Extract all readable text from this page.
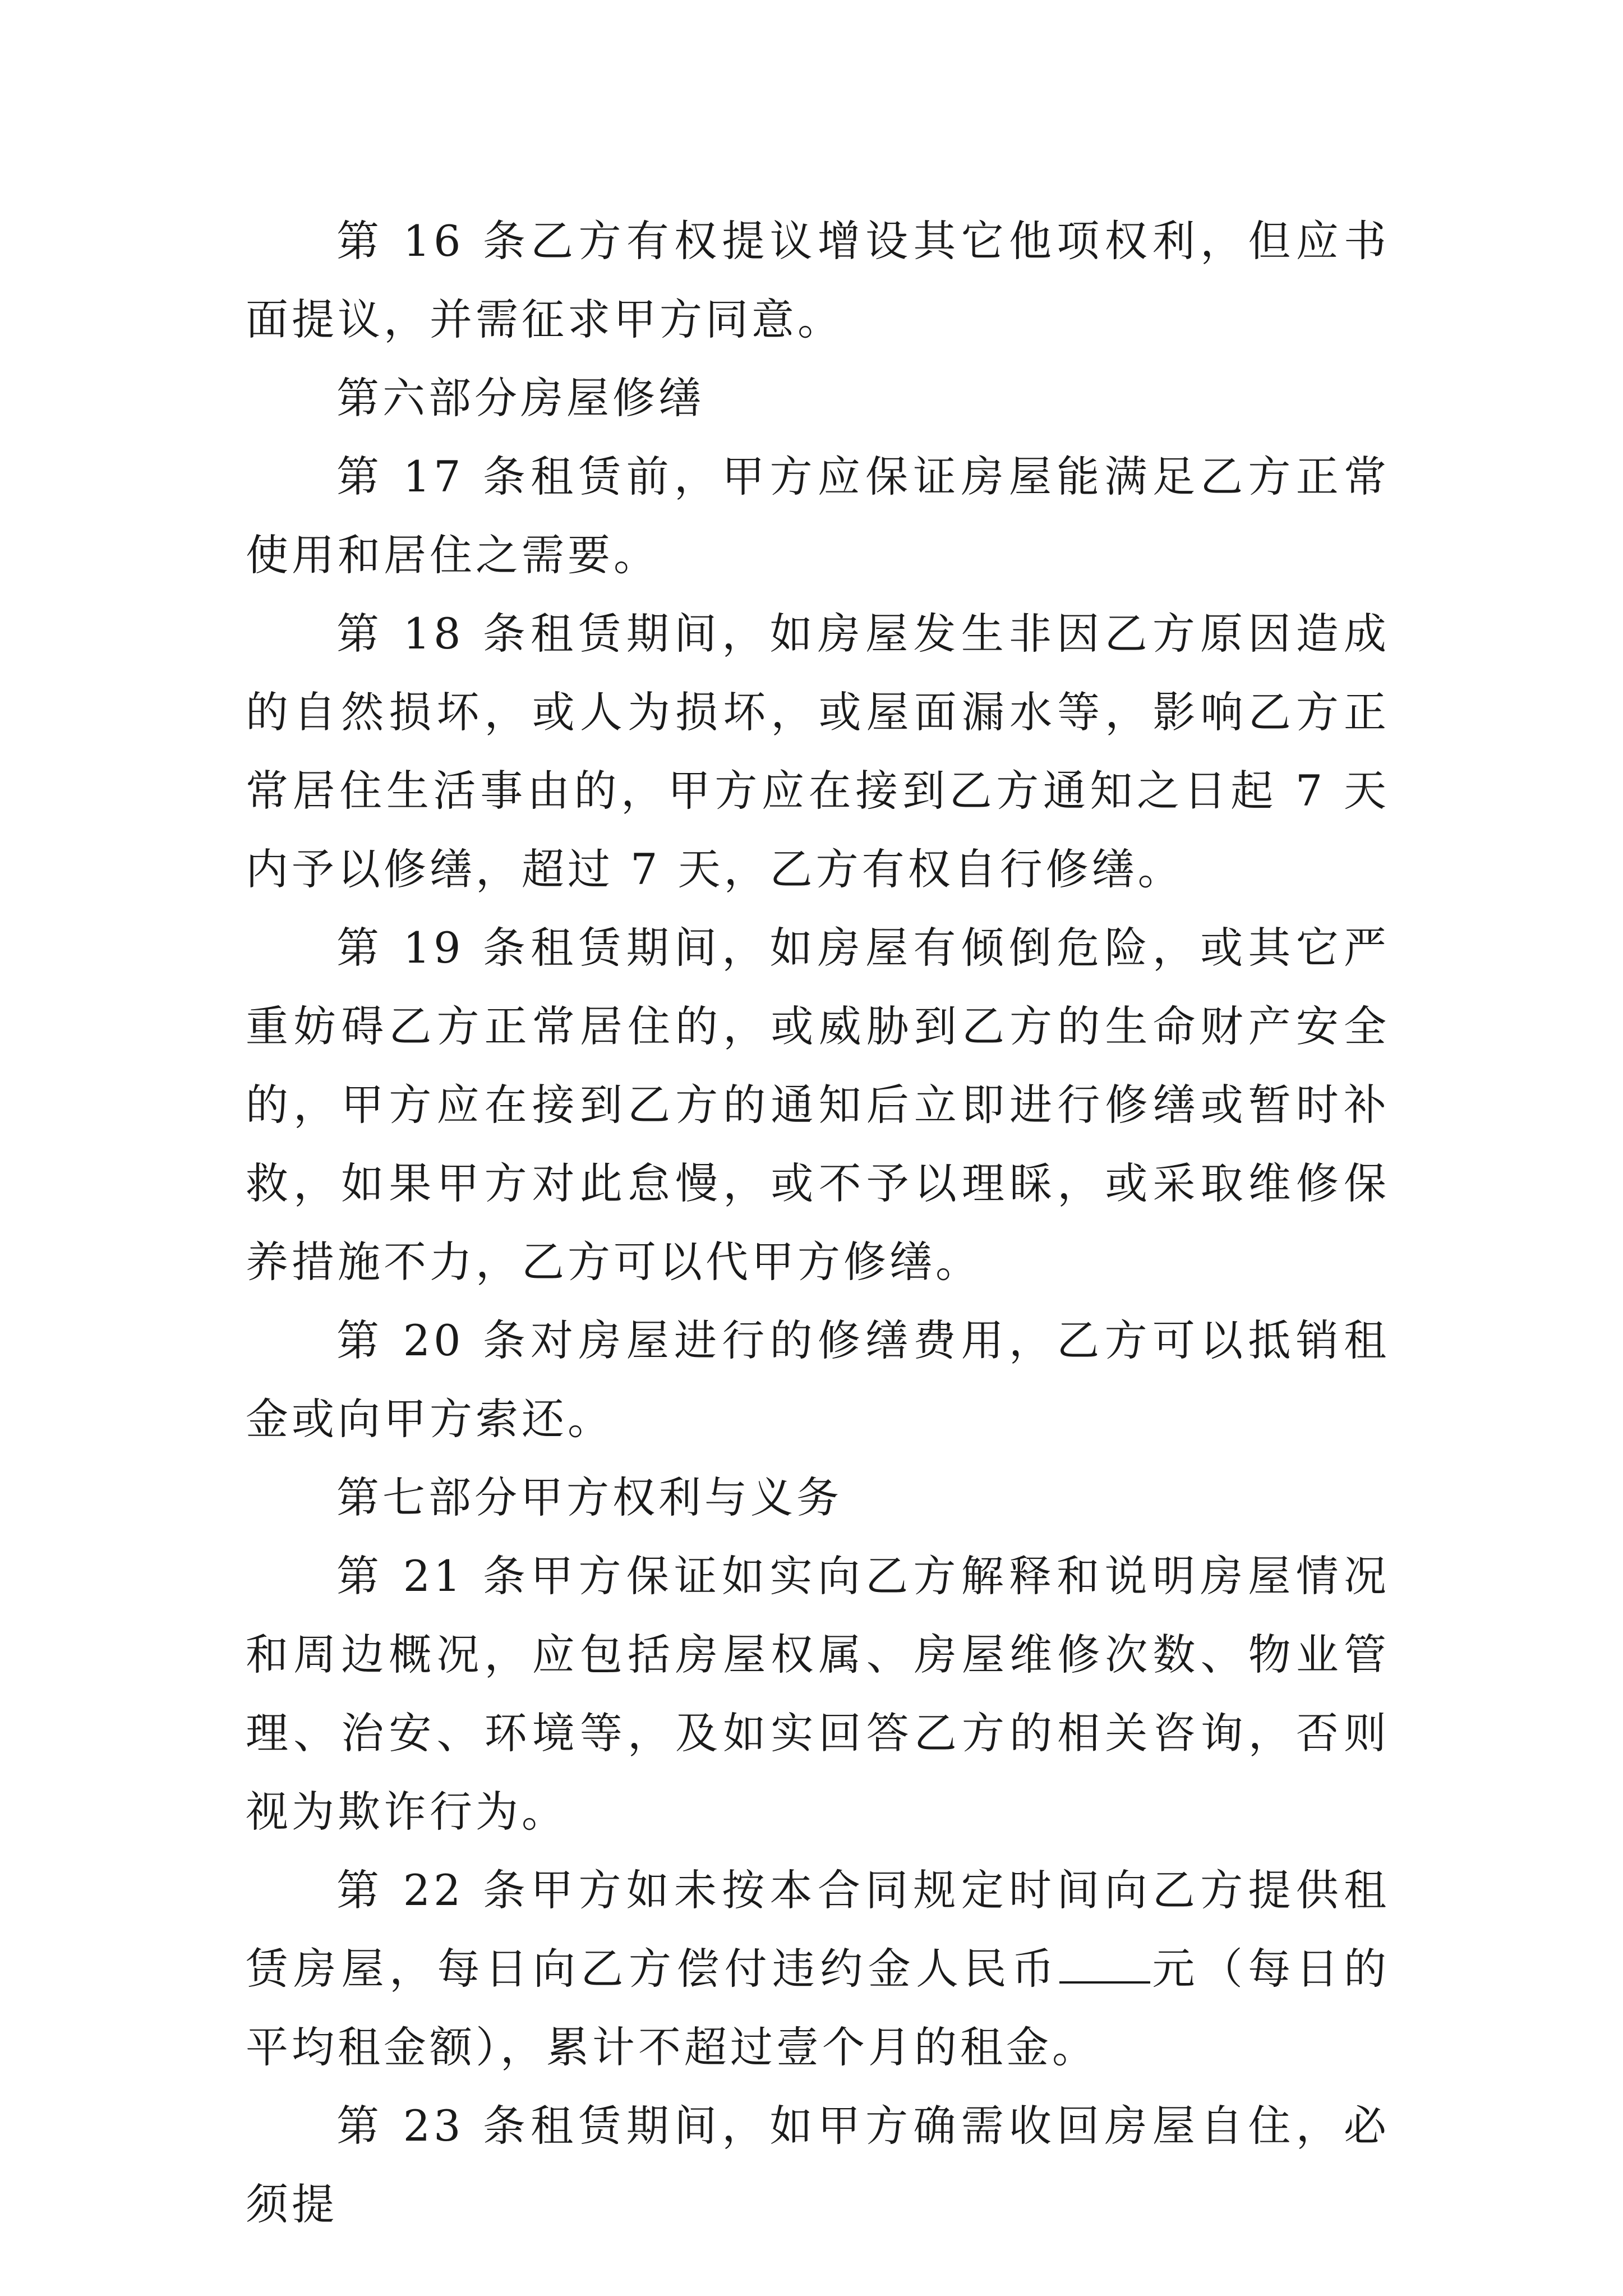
第 16 条乙方有权提议增设其它他项权利，但应书面提议，并需征求甲方同意。

第六部分房屋修缮

第 17 条租赁前，甲方应保证房屋能满足乙方正常使用和居住之需要。

第 18 条租赁期间，如房屋发生非因乙方原因造成的自然损坏，或人为损坏，或屋面漏水等，影响乙方正常居住生活事由的，甲方应在接到乙方通知之日起 7 天内予以修缮，超过 7 天，乙方有权自行修缮。

第 19 条租赁期间，如房屋有倾倒危险，或其它严重妨碍乙方正常居住的，或威胁到乙方的生命财产安全的，甲方应在接到乙方的通知后立即进行修缮或暂时补救，如果甲方对此怠慢，或不予以理睬，或采取维修保养措施不力，乙方可以代甲方修缮。

第 20 条对房屋进行的修缮费用，乙方可以抵销租金或向甲方索还。

第七部分甲方权利与义务

第 21 条甲方保证如实向乙方解释和说明房屋情况和周边概况，应包括房屋权属、房屋维修次数、物业管理、治安、环境等，及如实回答乙方的相关咨询，否则视为欺诈行为。

第 22 条甲方如未按本合同规定时间向乙方提供租赁房屋，每日向乙方偿付违约金人民币 元（每日的平均租金额），累计不超过壹个月的租金。

第 23 条租赁期间，如甲方确需收回房屋自住，必须提
